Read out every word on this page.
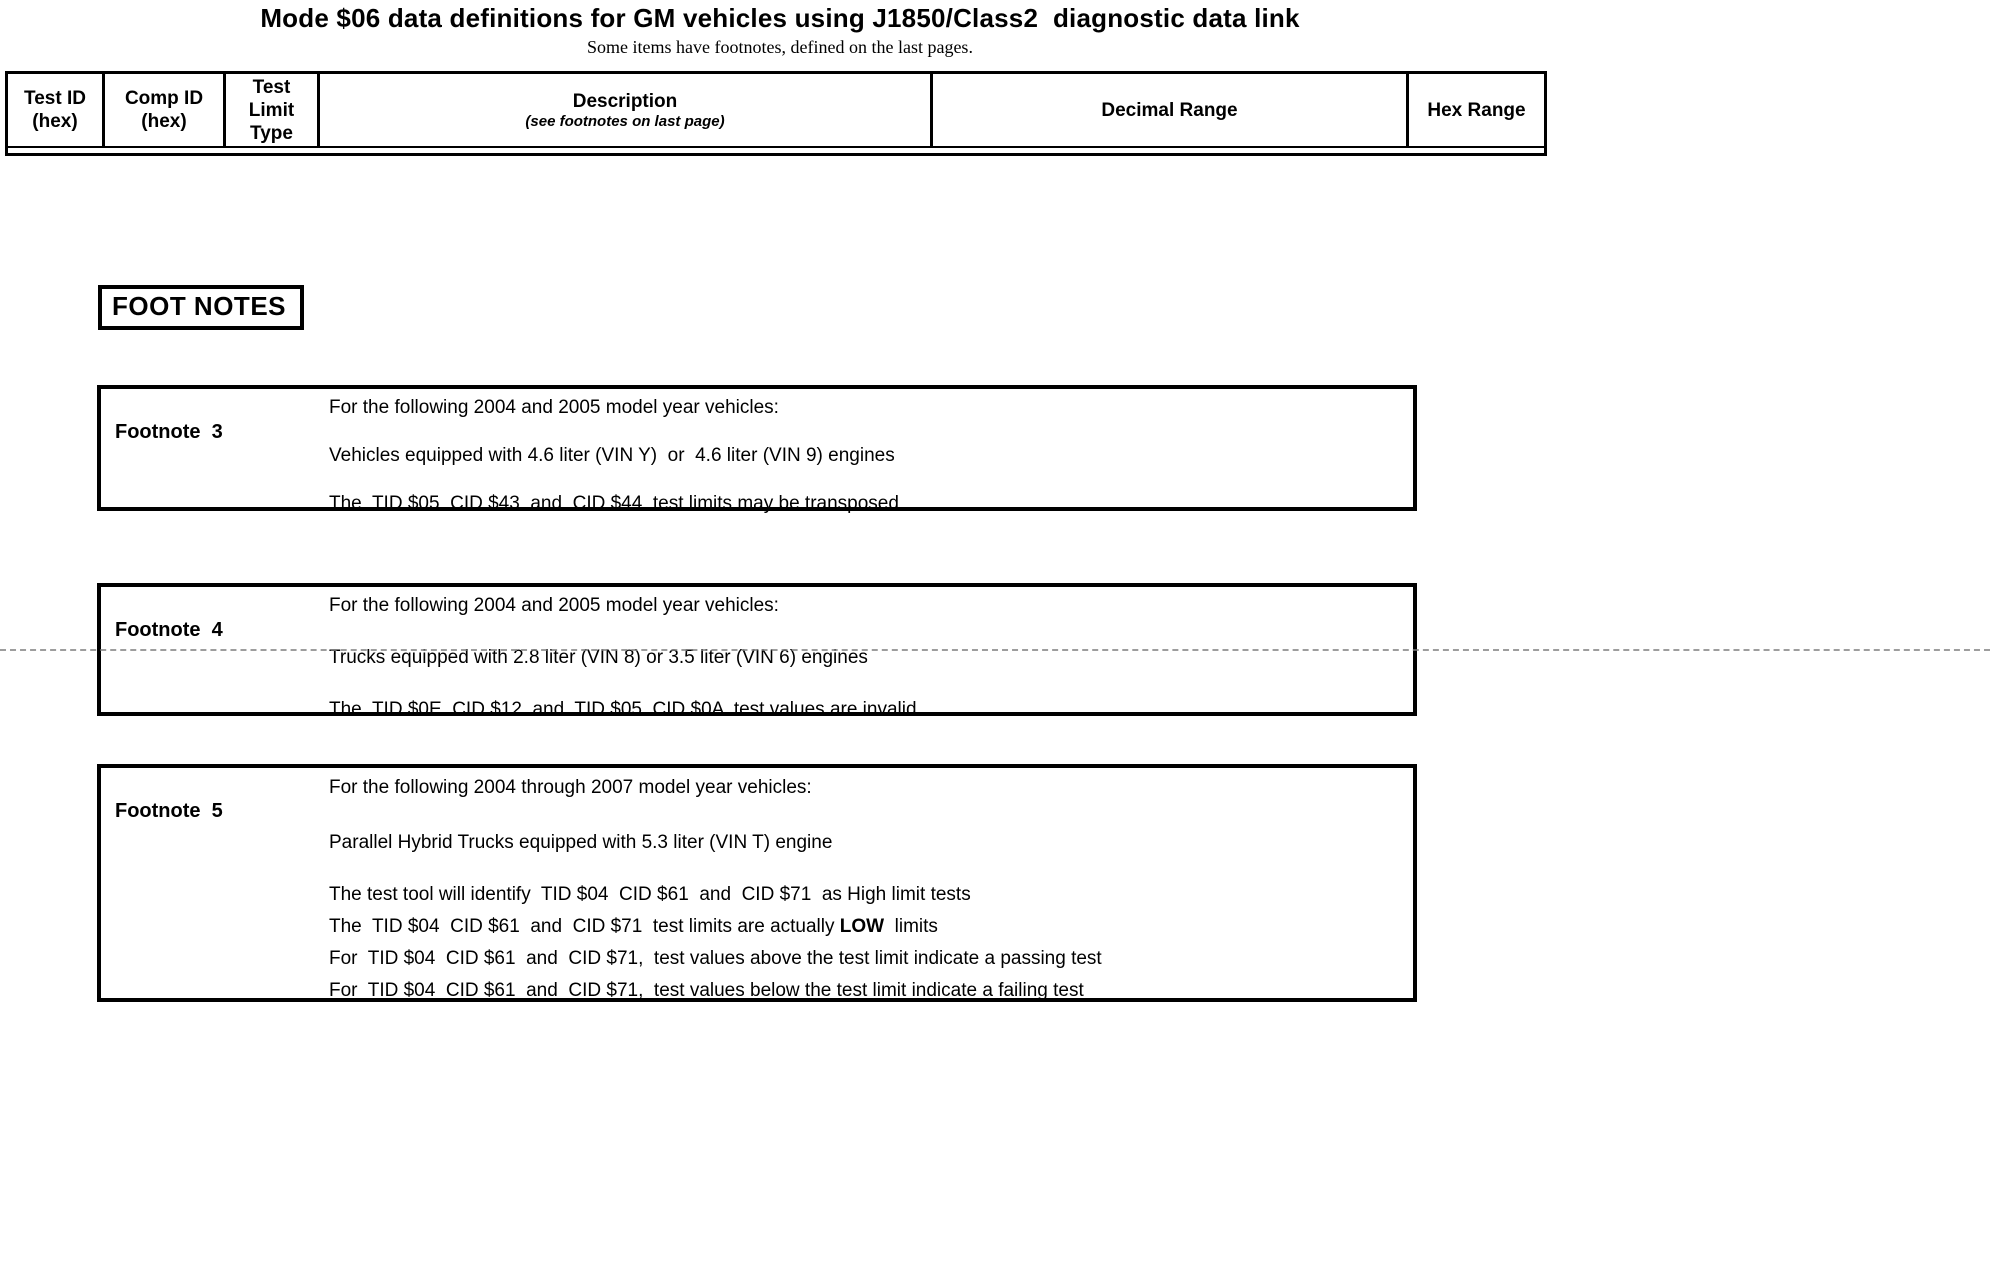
Mode $06 data definitions for GM vehicles using J1850/Class2  diagnostic data link
Some items have footnotes, defined on the last pages.
Test ID
(hex)
Comp ID
(hex)
Test
Limit
Type
Description
(see footnotes on last page)
Decimal Range	Hex Range
FOOT NOTES
Footnote  3
For the following 2004 and 2005 model year vehicles:
Vehicles equipped with 4.6 liter (VIN Y)  or  4.6 liter (VIN 9) engines
The  TID $05  CID $43  and  CID $44  test limits may be transposed
Footnote  4
For the following 2004 and 2005 model year vehicles:
Trucks equipped with 2.8 liter (VIN 8) or 3.5 liter (VIN 6) engines
The  TID $0E  CID $12  and  TID $05  CID $0A  test values are invalid
Footnote  5
For the following 2004 through 2007 model year vehicles:
Parallel Hybrid Trucks equipped with 5.3 liter (VIN T) engine
The test tool will identify  TID $04  CID $61  and  CID $71  as High limit tests
The  TID $04  CID $61  and  CID $71  test limits are actually LOW  limits
For  TID $04  CID $61  and  CID $71,  test values above the test limit indicate a passing test
For  TID $04  CID $61  and  CID $71,  test values below the test limit indicate a failing test
